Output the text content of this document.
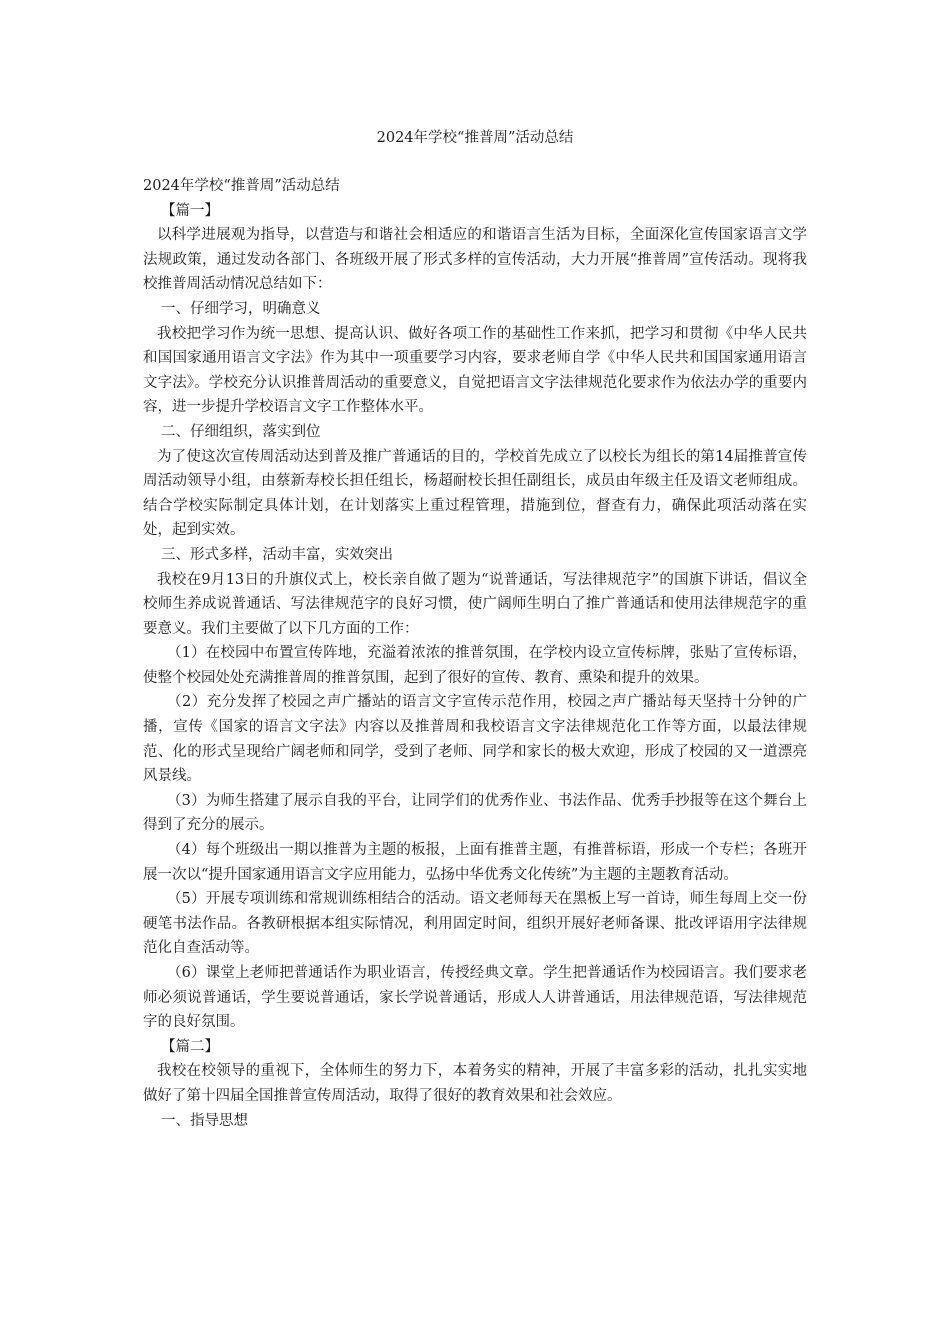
2024年学校“推普周”活动总结

2024年学校“推普周”活动总结

【篇一】

以科学进展观为指导，以营造与和谐社会相适应的和谐语言生活为目标，全面深化宣传国家语言文学法规政策，通过发动各部门、各班级开展了形式多样的宣传活动，大力开展“推普周”宣传活动。现将我校推普周活动情况总结如下：

一、仔细学习，明确意义

我校把学习作为统一思想、提高认识、做好各项工作的基础性工作来抓，把学习和贯彻《中华人民共和国国家通用语言文字法》作为其中一项重要学习内容，要求老师自学《中华人民共和国国家通用语言文字法》。学校充分认识推普周活动的重要意义，自觉把语言文字法律规范化要求作为依法办学的重要内容，进一步提升学校语言文字工作整体水平。

二、仔细组织，落实到位

为了使这次宣传周活动达到普及推广普通话的目的，学校首先成立了以校长为组长的第14届推普宣传周活动领导小组，由蔡新寿校长担任组长，杨超耐校长担任副组长，成员由年级主任及语文老师组成。结合学校实际制定具体计划，在计划落实上重过程管理，措施到位，督查有力，确保此项活动落在实处，起到实效。

三、形式多样，活动丰富，实效突出

我校在9月13日的升旗仪式上，校长亲自做了题为“说普通话，写法律规范字”的国旗下讲话，倡议全校师生养成说普通话、写法律规范字的良好习惯，使广阔师生明白了推广普通话和使用法律规范字的重要意义。我们主要做了以下几方面的工作：

（1）在校园中布置宣传阵地，充溢着浓浓的推普氛围，在学校内设立宣传标牌，张贴了宣传标语，使整个校园处处充满推普周的推普氛围，起到了很好的宣传、教育、熏染和提升的效果。

（2）充分发挥了校园之声广播站的语言文字宣传示范作用，校园之声广播站每天坚持十分钟的广播，宣传《国家的语言文字法》内容以及推普周和我校语言文字法律规范化工作等方面，以最法律规范、化的形式呈现给广阔老师和同学，受到了老师、同学和家长的极大欢迎，形成了校园的又一道漂亮风景线。

（3）为师生搭建了展示自我的平台，让同学们的优秀作业、书法作品、优秀手抄报等在这个舞台上得到了充分的展示。

（4）每个班级出一期以推普为主题的板报，上面有推普主题，有推普标语，形成一个专栏；各班开展一次以“提升国家通用语言文字应用能力，弘扬中华优秀文化传统”为主题的主题教育活动。

（5）开展专项训练和常规训练相结合的活动。语文老师每天在黑板上写一首诗，师生每周上交一份硬笔书法作品。各教研根据本组实际情况，利用固定时间，组织开展好老师备课、批改评语用字法律规范化自查活动等。

（6）课堂上老师把普通话作为职业语言，传授经典文章。学生把普通话作为校园语言。我们要求老师必须说普通话，学生要说普通话，家长学说普通话，形成人人讲普通话，用法律规范语，写法律规范字的良好氛围。

【篇二】

我校在校领导的重视下，全体师生的努力下，本着务实的精神，开展了丰富多彩的活动，扎扎实实地做好了第十四届全国推普宣传周活动，取得了很好的教育效果和社会效应。

一、指导思想
